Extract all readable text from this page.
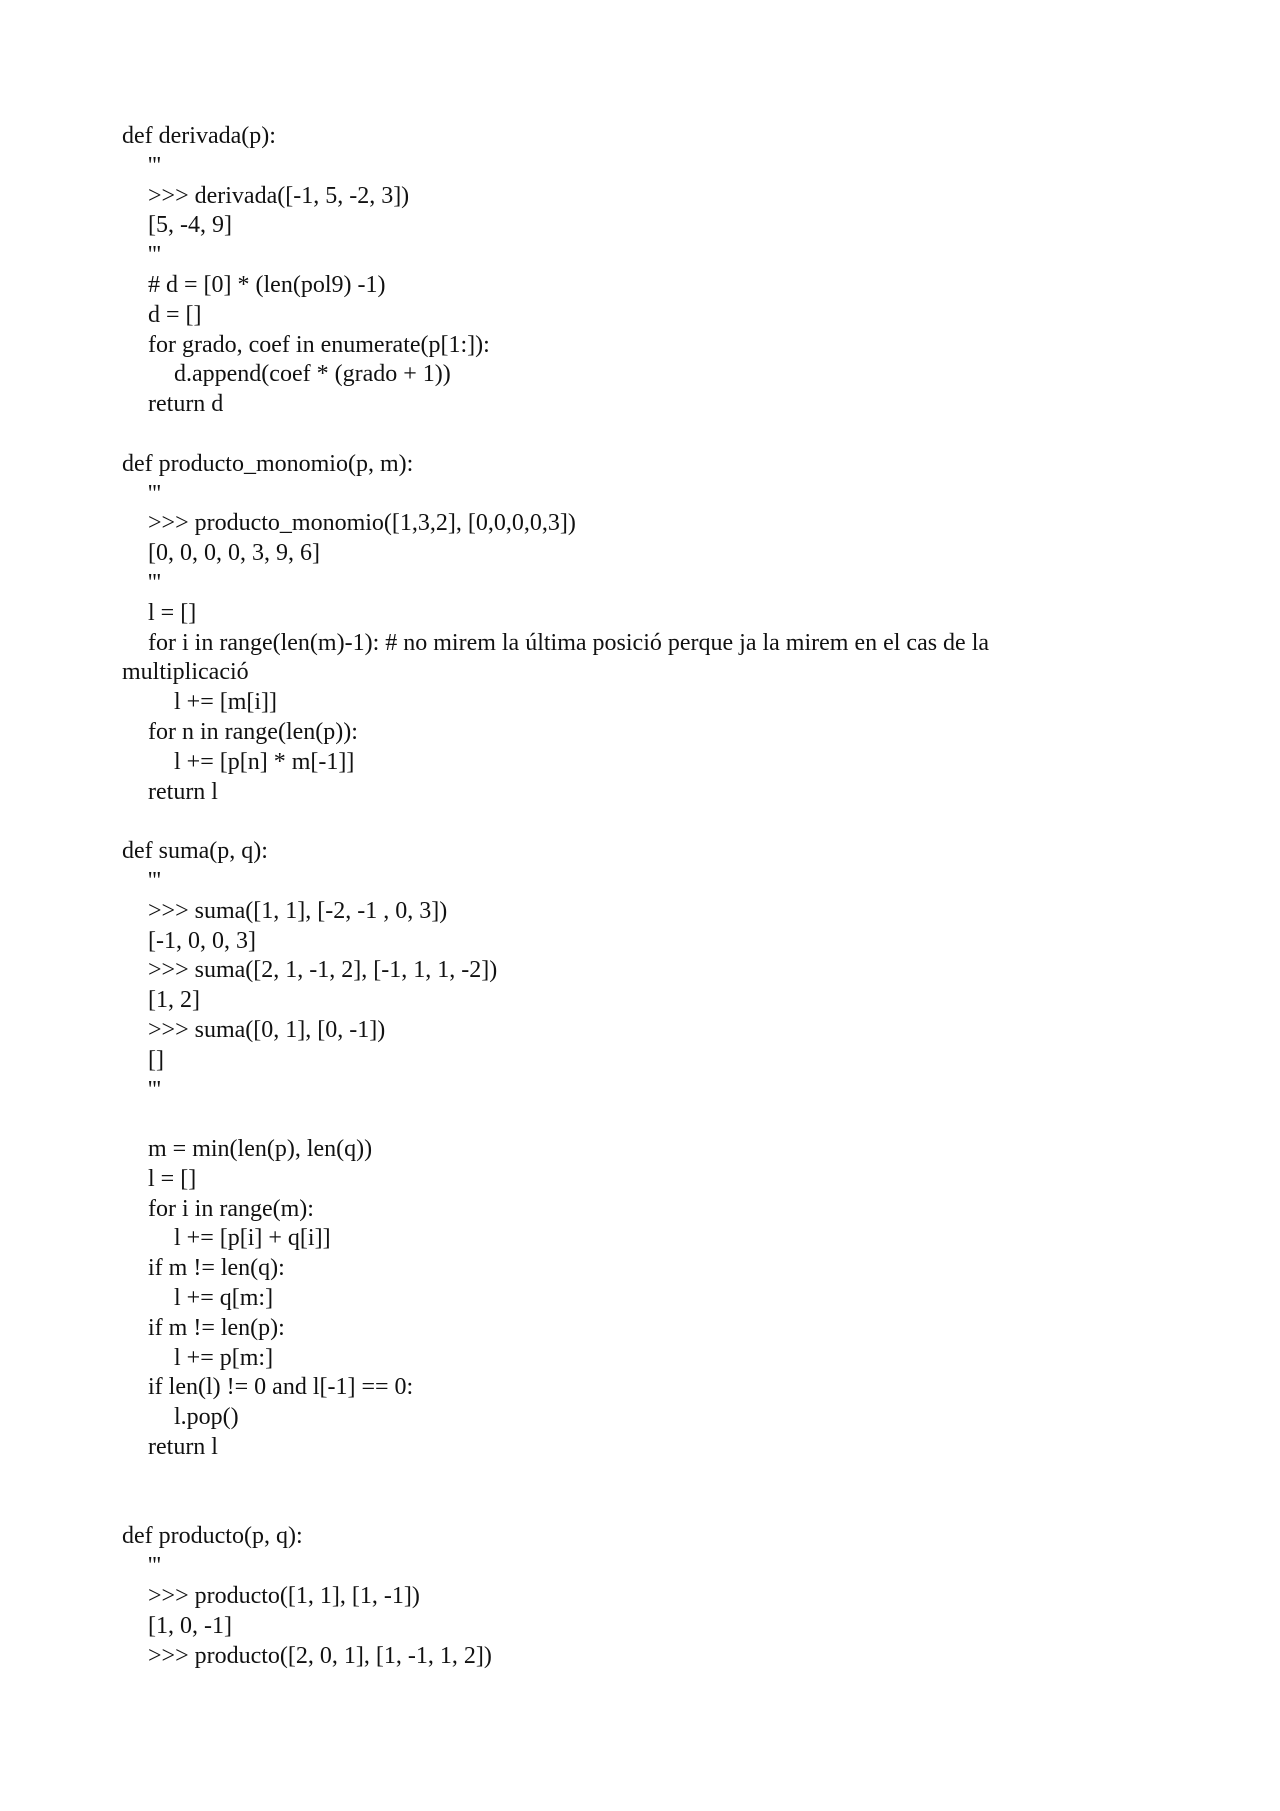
def derivada(p):
'''
>>> derivada([-1, 5, -2, 3])
[5, -4, 9]
'''
# d = [0] * (len(pol9) -1)
d = []
for grado, coef in enumerate(p[1:]):
d.append(coef * (grado + 1))
return d
def producto_monomio(p, m):
'''
>>> producto_monomio([1,3,2], [0,0,0,0,3])
[0, 0, 0, 0, 3, 9, 6]
'''
l = []
for i in range(len(m)-1): # no mirem la última posició perque ja la mirem en el cas de la
multiplicació
l += [m[i]]
for n in range(len(p)):
l += [p[n] * m[-1]]
return l
def suma(p, q):
'''
>>> suma([1, 1], [-2, -1 , 0, 3])
[-1, 0, 0, 3]
>>> suma([2, 1, -1, 2], [-1, 1, 1, -2])
[1, 2]
>>> suma([0, 1], [0, -1])
[]
'''
m = min(len(p), len(q))
l = []
for i in range(m):
l += [p[i] + q[i]]
if m != len(q):
l += q[m:]
if m != len(p):
l += p[m:]
if len(l) != 0 and l[-1] == 0:
l.pop()
return l
def producto(p, q):
'''
>>> producto([1, 1], [1, -1])
[1, 0, -1]
>>> producto([2, 0, 1], [1, -1, 1, 2])
